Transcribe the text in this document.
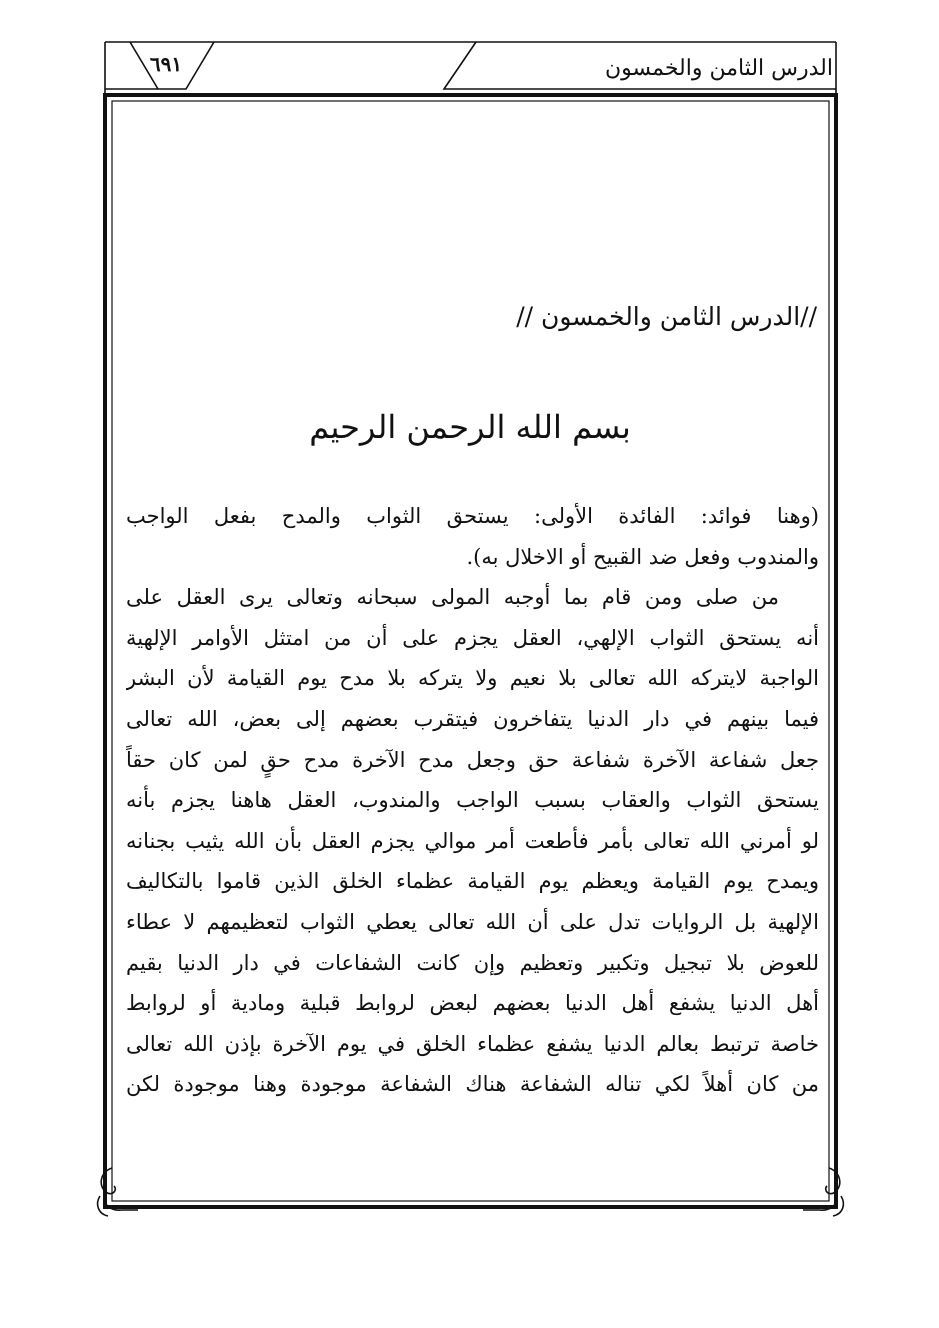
الدرس الثامن والخمسون
٦٩١
//الدرس الثامن والخمسون //
بسم الله الرحمن الرحيم
(وهنا فوائد: الفائدة الأولى: يستحق الثواب والمدح بفعل الواجب
والمندوب وفعل ضد القبيح أو الاخلال به).
من صلى ومن قام بما أوجبه المولى سبحانه وتعالى يرى العقل على
أنه يستحق الثواب الإلهي، العقل يجزم على أن من امتثل الأوامر الإلهية
الواجبة لايتركه الله تعالى بلا نعيم ولا يتركه بلا مدح يوم القيامة لأن البشر
فيما بينهم في دار الدنيا يتفاخرون فيتقرب بعضهم إلى بعض، الله تعالى
جعل شفاعة الآخرة شفاعة حق وجعل مدح الآخرة مدح حقٍ لمن كان حقاً
يستحق الثواب والعقاب بسبب الواجب والمندوب، العقل هاهنا يجزم بأنه
لو أمرني الله تعالى بأمر فأطعت أمر موالي يجزم العقل بأن الله يثيب بجنانه
ويمدح يوم القيامة ويعظم يوم القيامة عظماء الخلق الذين قاموا بالتكاليف
الإلهية بل الروايات تدل على أن الله تعالى يعطي الثواب لتعظيمهم لا عطاء
للعوض بلا تبجيل وتكبير وتعظيم وإن كانت الشفاعات في دار الدنيا بقيم
أهل الدنيا يشفع أهل الدنيا بعضهم لبعض لروابط قبلية ومادية أو لروابط
خاصة ترتبط بعالم الدنيا يشفع عظماء الخلق في يوم الآخرة بإذن الله تعالى
من كان أهلاً لكي تناله الشفاعة هناك الشفاعة موجودة وهنا موجودة لكن
